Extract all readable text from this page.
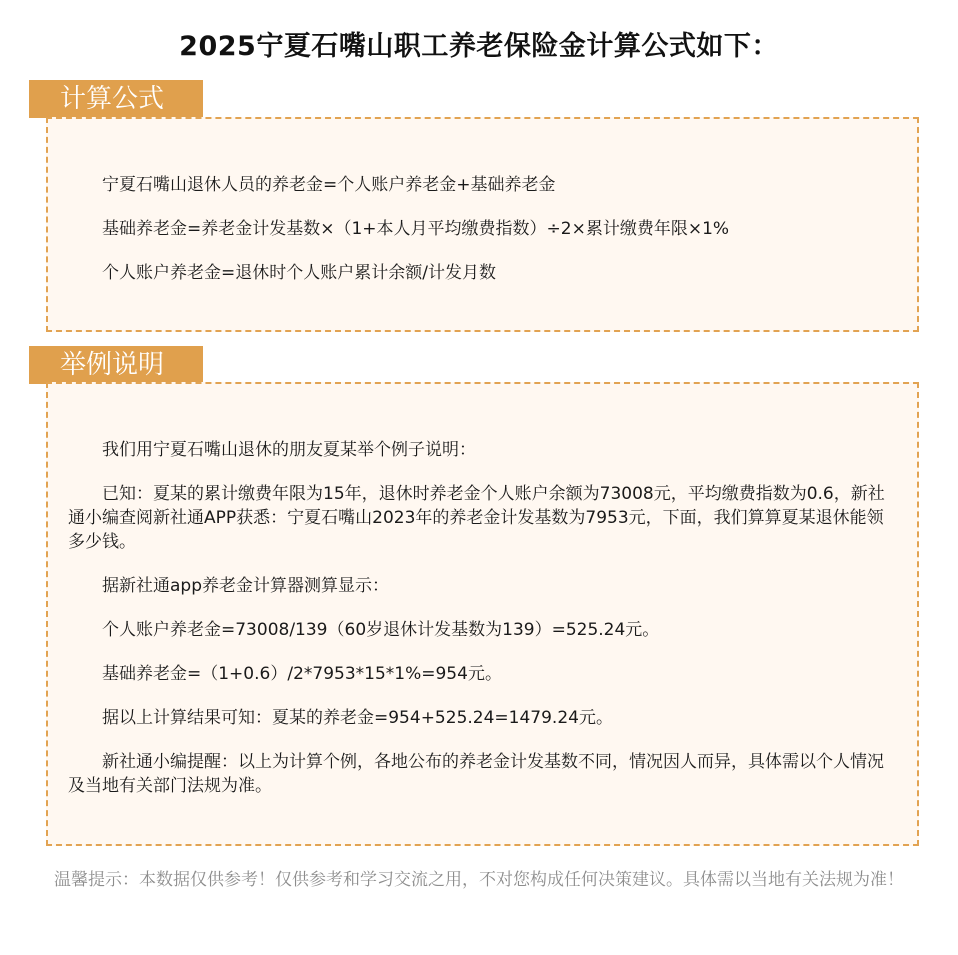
2025宁夏石嘴山职工养老保险金计算公式如下：
计算公式

宁夏石嘴山退休人员的养老金=个人账户养老金+基础养老金

基础养老金=养老金计发基数×（1+本人月平均缴费指数）÷2×累计缴费年限×1%

个人账户养老金=退休时个人账户累计余额/计发月数

举例说明

我们用宁夏石嘴山退休的朋友夏某举个例子说明：

已知：夏某的累计缴费年限为15年，退休时养老金个人账户余额为73008元，平均缴费指数为0.6，新社通小编查阅新社通APP获悉：宁夏石嘴山2023年的养老金计发基数为7953元，下面，我们算算夏某退休能领多少钱。

据新社通app养老金计算器测算显示：

个人账户养老金=73008/139（60岁退休计发基数为139）=525.24元。

基础养老金=（1+0.6）/2*7953*15*1%=954元。

据以上计算结果可知：夏某的养老金=954+525.24=1479.24元。

新社通小编提醒：以上为计算个例，各地公布的养老金计发基数不同，情况因人而异，具体需以个人情况及当地有关部门法规为准。

温馨提示：本数据仅供参考！仅供参考和学习交流之用，不对您构成任何决策建议。具体需以当地有关法规为准！
